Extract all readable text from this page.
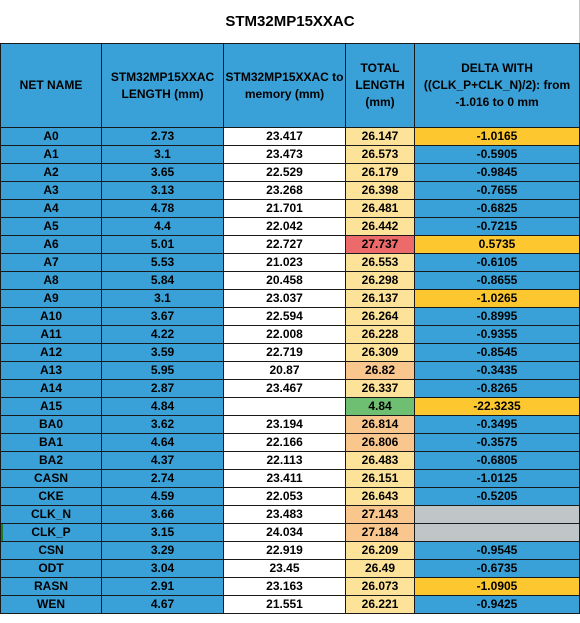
STM32MP15XXAC
NET NAME	STM32MP15XXAC LENGTH (mm)	STM32MP15XXAC to memory (mm)	TOTAL LENGTH (mm)	DELTA WITH ((CLK_P+CLK_N)/2): from -1.016 to 0 mm
A0	2.73	23.417	26.147	-1.0165
A1	3.1	23.473	26.573	-0.5905
A2	3.65	22.529	26.179	-0.9845
A3	3.13	23.268	26.398	-0.7655
A4	4.78	21.701	26.481	-0.6825
A5	4.4	22.042	26.442	-0.7215
A6	5.01	22.727	27.737	0.5735
A7	5.53	21.023	26.553	-0.6105
A8	5.84	20.458	26.298	-0.8655
A9	3.1	23.037	26.137	-1.0265
A10	3.67	22.594	26.264	-0.8995
A11	4.22	22.008	26.228	-0.9355
A12	3.59	22.719	26.309	-0.8545
A13	5.95	20.87	26.82	-0.3435
A14	2.87	23.467	26.337	-0.8265
A15	4.84		4.84	-22.3235
BA0	3.62	23.194	26.814	-0.3495
BA1	4.64	22.166	26.806	-0.3575
BA2	4.37	22.113	26.483	-0.6805
CASN	2.74	23.411	26.151	-1.0125
CKE	4.59	22.053	26.643	-0.5205
CLK_N	3.66	23.483	27.143	
CLK_P	3.15	24.034	27.184	
CSN	3.29	22.919	26.209	-0.9545
ODT	3.04	23.45	26.49	-0.6735
RASN	2.91	23.163	26.073	-1.0905
WEN	4.67	21.551	26.221	-0.9425
